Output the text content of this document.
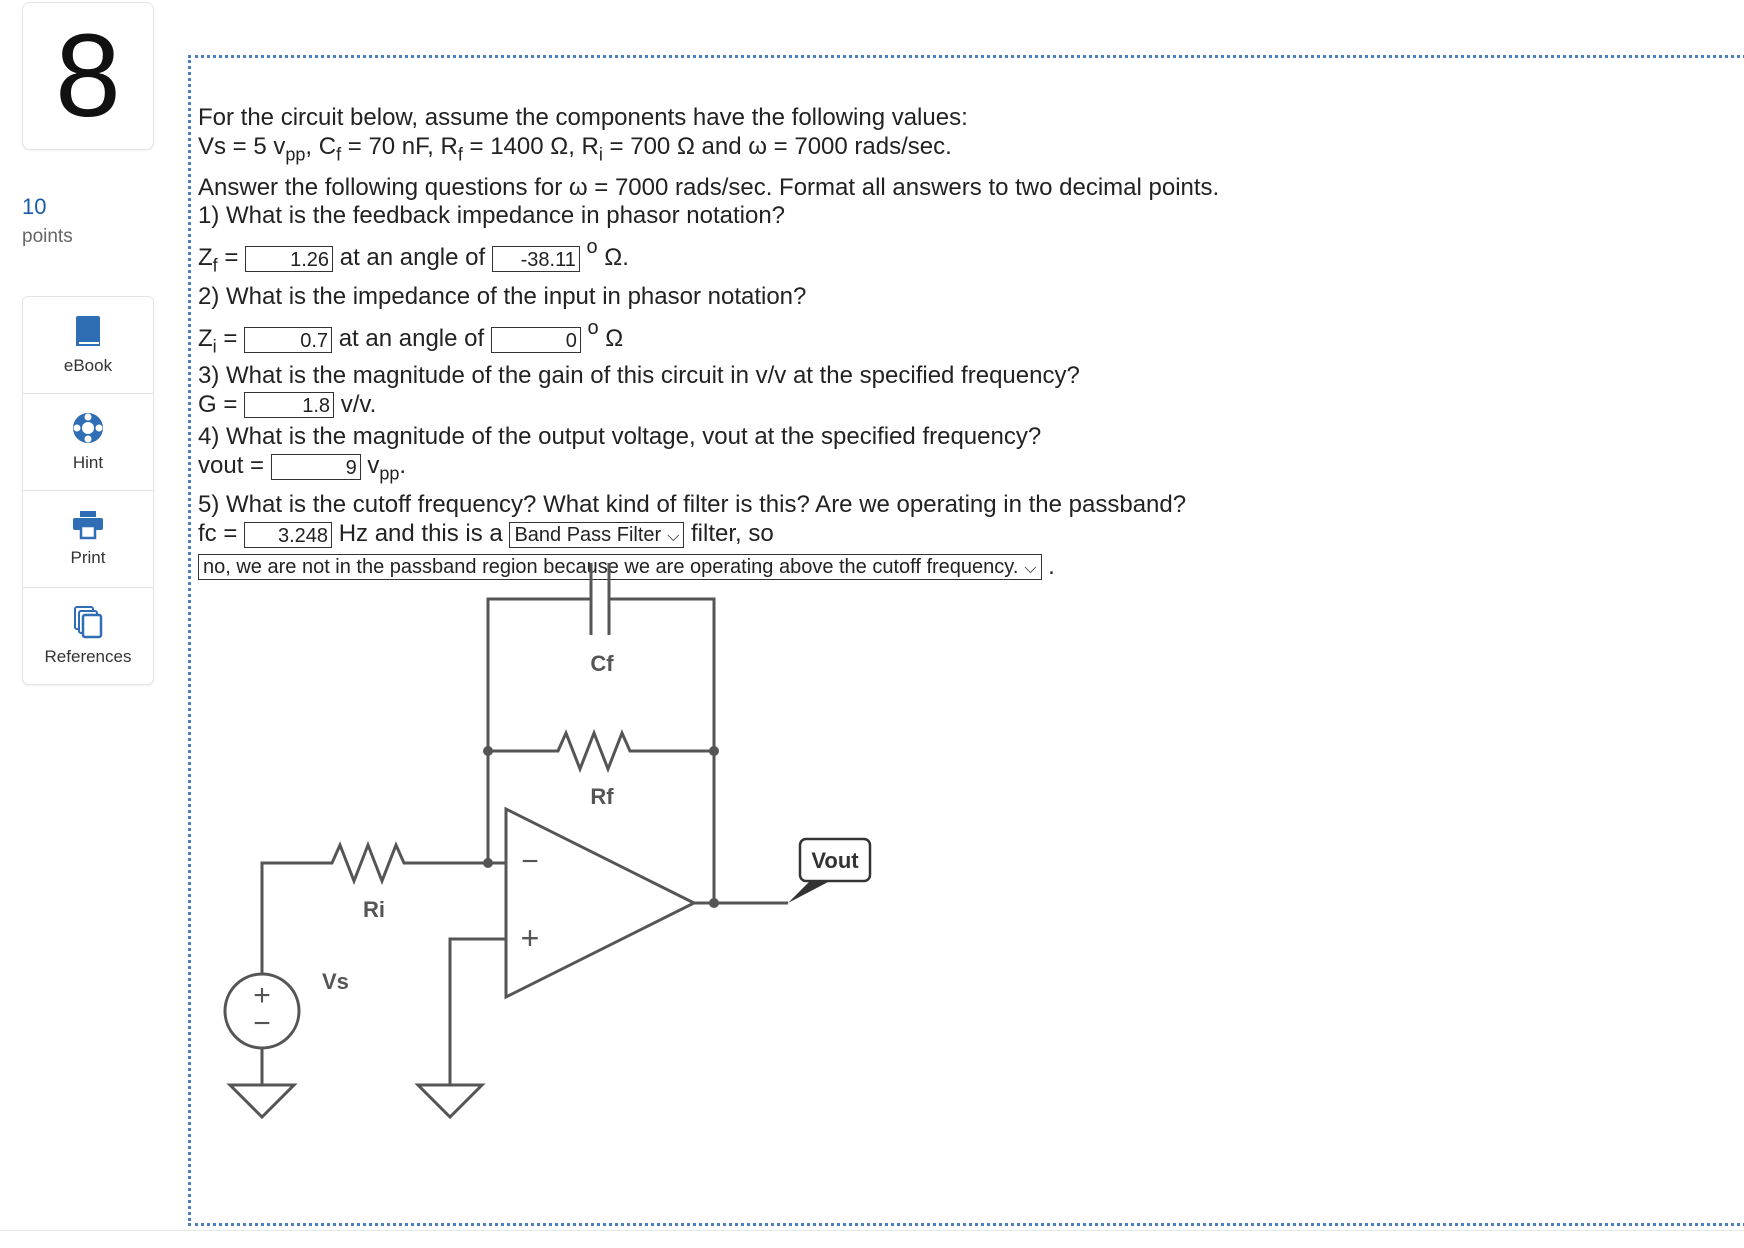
8
10
points
eBook
Hint
Print
References
For the circuit below, assume the components have the following values:
Vs = 5 $v_{pp}$, $C_f = 70$ nF, $R_f = 1400$ Ω, $R_i = 700$ Ω and ω = 7000 rads/sec.
Answer the following questions for ω = 7000 rads/sec. Format all answers to two decimal points.
1) What is the feedback impedance in phasor notation?
$Z_f = 1.26$ at an angle of -38.11 $^o$ Ω.
2) What is the impedance of the input in phasor notation?
$Z_i$ =	0.7 at an angle of	0 $^o$ Ω
3) What is the magnitude of the gain of this circuit in v/v at the specified frequency?
G =	1.8 v/v.
4) What is the magnitude of the output voltage, vout at the specified frequency?
vout =	9 $v_{pp}$.
5) What is the cutoff frequency? What kind of filter is this? Are we operating in the passband?
fc = 3.248 Hz and this is a Band Pass Filter ⌵ filter, so
no, we are not in the passband region because we are operating above the cutoff frequency. ⌵ .
Vout
Cf
Rf
Ri
Vs
−
+
+
−
